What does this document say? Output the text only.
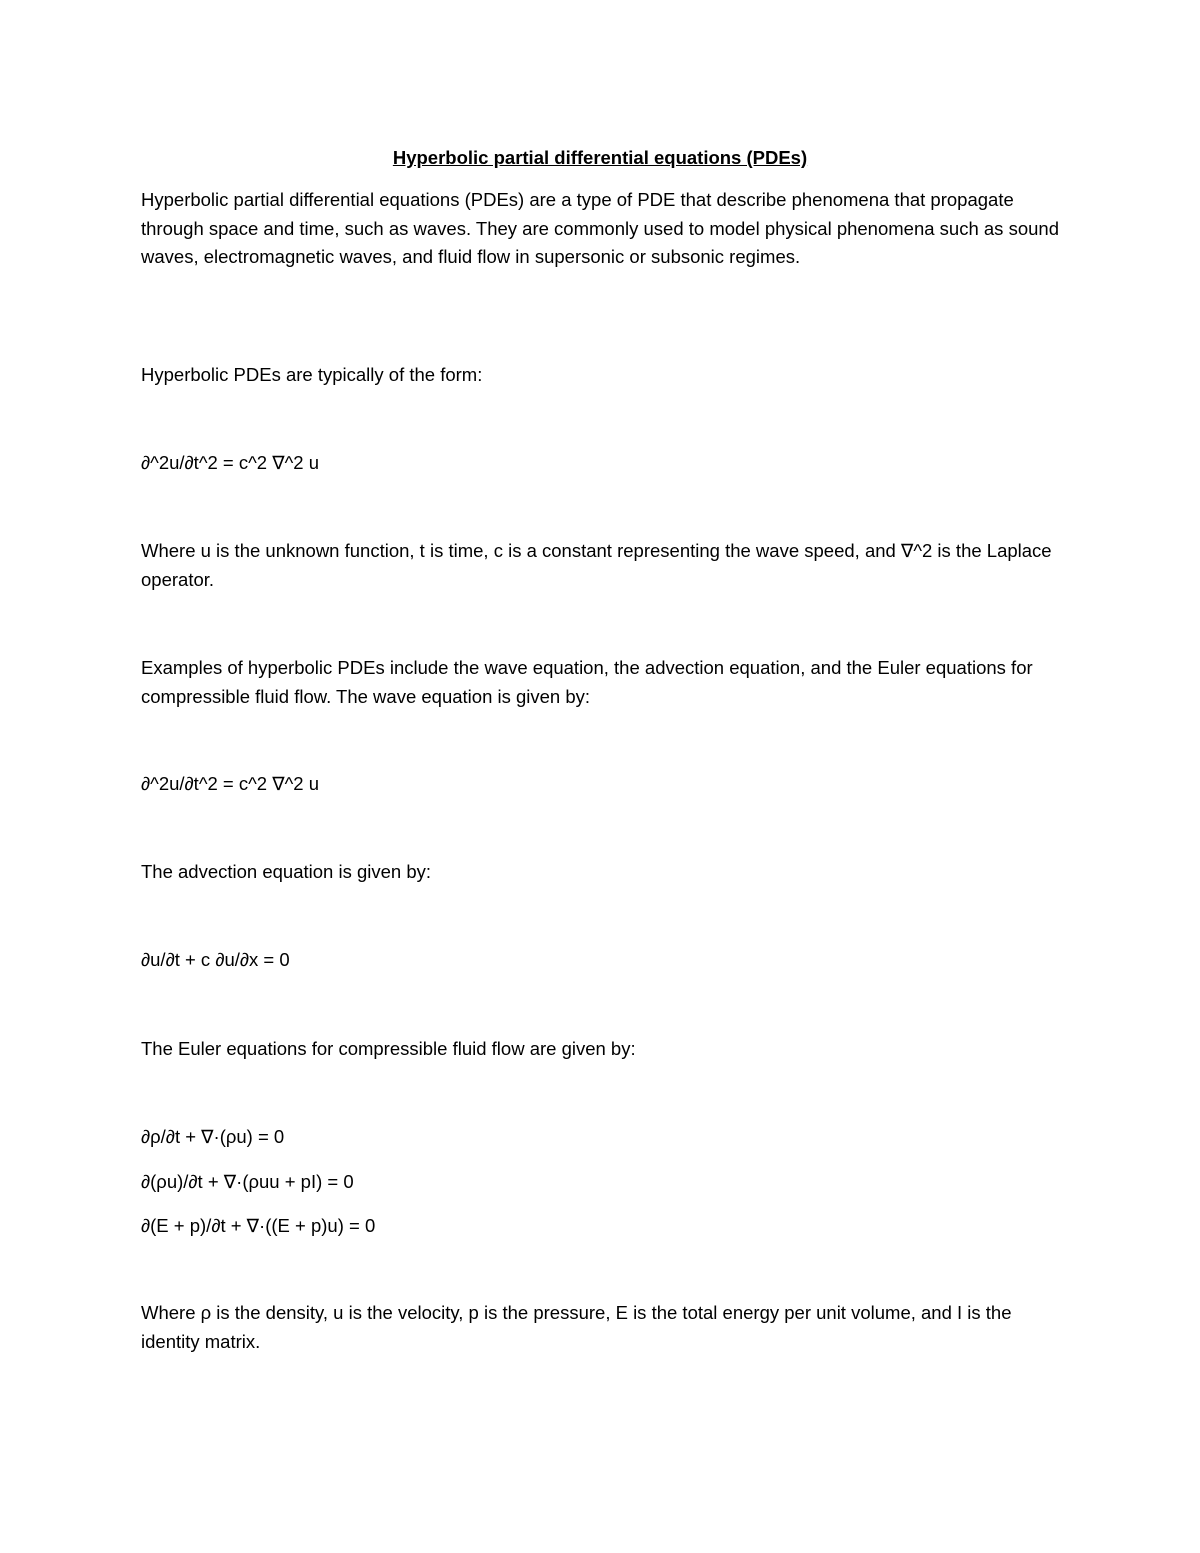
Hyperbolic partial differential equations (PDEs)

Hyperbolic partial differential equations (PDEs) are a type of PDE that describe phenomena that propagate through space and time, such as waves. They are commonly used to model physical phenomena such as sound waves, electromagnetic waves, and fluid flow in supersonic or subsonic regimes.

Hyperbolic PDEs are typically of the form:

∂^2u/∂t^2 = c^2 ∇^2 u

Where u is the unknown function, t is time, c is a constant representing the wave speed, and ∇^2 is the Laplace operator.

Examples of hyperbolic PDEs include the wave equation, the advection equation, and the Euler equations for compressible fluid flow. The wave equation is given by:

∂^2u/∂t^2 = c^2 ∇^2 u

The advection equation is given by:

∂u/∂t + c ∂u/∂x = 0

The Euler equations for compressible fluid flow are given by:

∂ρ/∂t + ∇·(ρu) = 0

∂(ρu)/∂t + ∇·(ρuu + pI) = 0

∂(E + p)/∂t + ∇·((E + p)u) = 0

Where ρ is the density, u is the velocity, p is the pressure, E is the total energy per unit volume, and I is the identity matrix.
